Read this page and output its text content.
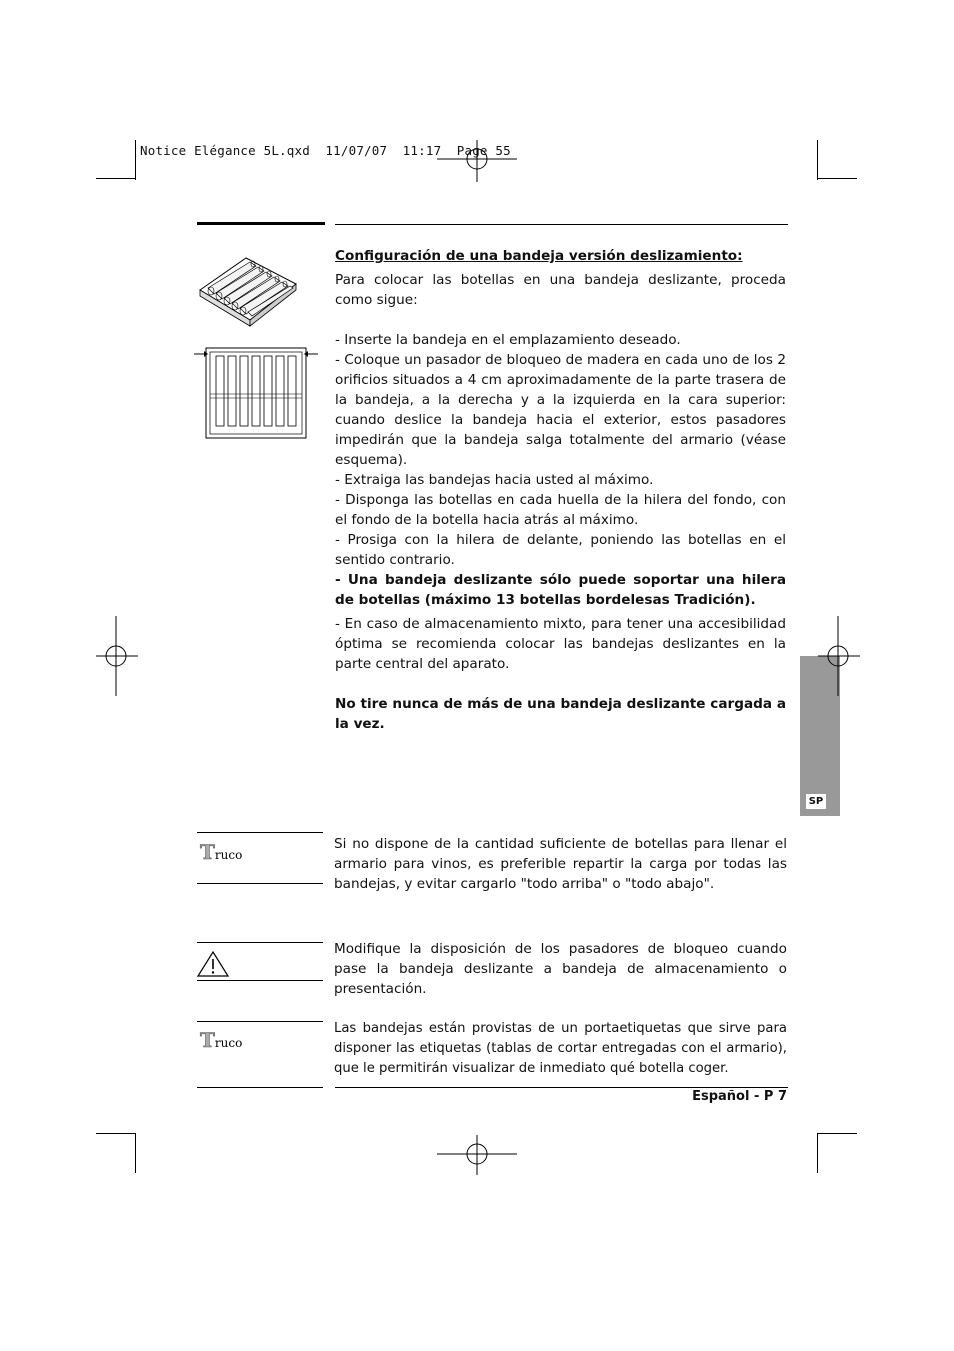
Notice Elégance 5L.qxd  11/07/07  11:17  Page 55

Configuración de una bandeja versión deslizamiento:

Para colocar las botellas en una bandeja deslizante, proceda como sigue:

- Inserte la bandeja en el emplazamiento deseado.

- Coloque un pasador de bloqueo de madera en cada uno de los 2 orificios situados a 4 cm aproximadamente de la parte trasera de la bandeja, a la derecha y a la izquierda en la cara superior: cuando deslice la bandeja hacia el exterior, estos pasadores impedirán que la bandeja salga totalmente del armario (véase esquema).

- Extraiga las bandejas hacia usted al máximo.

- Disponga las botellas en cada huella de la hilera del fondo, con el fondo de la botella hacia atrás al máximo.

- Prosiga con la hilera de delante, poniendo las botellas en el sentido contrario.

- Una bandeja deslizante sólo puede soportar una hilera de botellas (máximo 13 botellas bordelesas Tradición).

- En caso de almacenamiento mixto, para tener una accesibilidad óptima se recomienda colocar las bandejas deslizantes en la parte central del aparato.

No tire nunca de más de una bandeja deslizante cargada a la vez.

SP
Truco
Si no dispone de la cantidad suficiente de botellas para llenar el armario para vinos, es preferible repartir la carga por todas las bandejas, y evitar cargarlo "todo arriba" o "todo abajo".
Modifique la disposición de los pasadores de bloqueo cuando pase la bandeja deslizante a bandeja de almacenamiento o presentación.
Truco
Las bandejas están provistas de un portaetiquetas que sirve para disponer las etiquetas (tablas de cortar entregadas con el armario), que le permitirán visualizar de inmediato qué botella coger.
Español - P 7
